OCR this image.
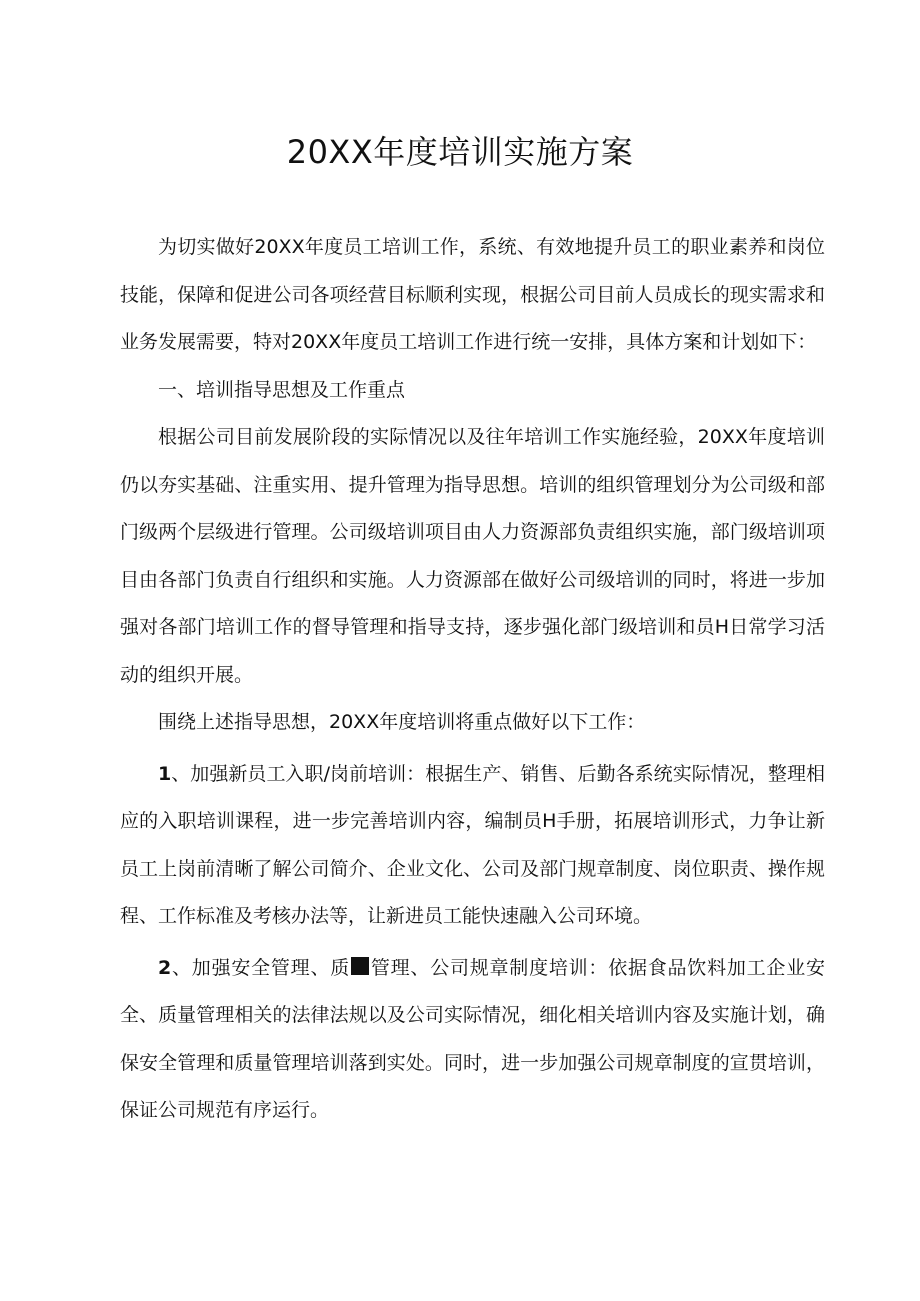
20XX年度培训实施方案

为切实做好20XX年度员工培训工作，系统、有效地提升员工的职业素养和岗位技能，保障和促进公司各项经营目标顺利实现，根据公司目前人员成长的现实需求和业务发展需要，特对20XX年度员工培训工作进行统一安排，具体方案和计划如下：

一、培训指导思想及工作重点

根据公司目前发展阶段的实际情况以及往年培训工作实施经验，20XX年度培训仍以夯实基础、注重实用、提升管理为指导思想。培训的组织管理划分为公司级和部门级两个层级进行管理。公司级培训项目由人力资源部负责组织实施，部门级培训项目由各部门负责自行组织和实施。人力资源部在做好公司级培训的同时，将进一步加强对各部门培训工作的督导管理和指导支持，逐步强化部门级培训和员H日常学习活动的组织开展。

围绕上述指导思想，20XX年度培训将重点做好以下工作：

1、加强新员工入职/岗前培训：根据生产、销售、后勤各系统实际情况，整理相应的入职培训课程，进一步完善培训内容，编制员H手册，拓展培训形式，力争让新员工上岗前清晰了解公司简介、企业文化、公司及部门规章制度、岗位职责、操作规程、工作标准及考核办法等，让新进员工能快速融入公司环境。

2、加强安全管理、质 管理、公司规章制度培训：依据食品饮料加工企业安全、质量管理相关的法律法规以及公司实际情况，细化相关培训内容及实施计划，确保安全管理和质量管理培训落到实处。同时，进一步加强公司规章制度的宣贯培训，保证公司规范有序运行。
